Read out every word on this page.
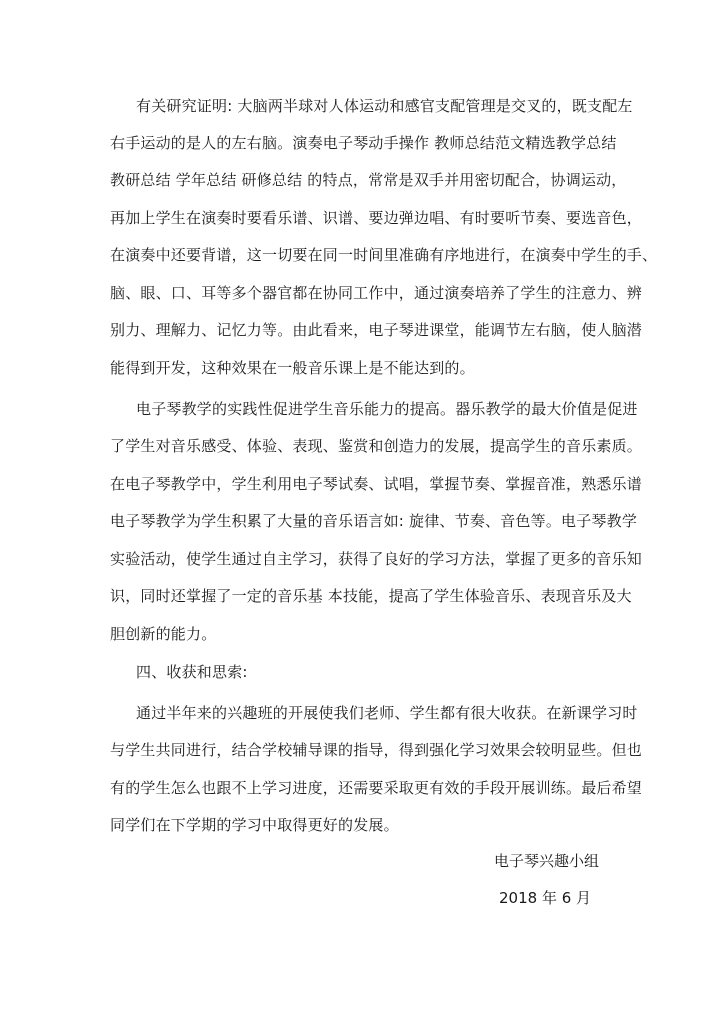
有关研究证明: 大脑两半球对人体运动和感官支配管理是交叉的，既支配左
右手运动的是人的左右脑。演奏电子琴动手操作 教师总结范文精选教学总结
教研总结 学年总结 研修总结 的特点，常常是双手并用密切配合，协调运动，
再加上学生在演奏时要看乐谱、识谱、要边弹边唱、有时要听节奏、要选音色，
在演奏中还要背谱，这一切要在同一时间里准确有序地进行，在演奏中学生的手、
脑、眼、口、耳等多个器官都在协同工作中，通过演奏培养了学生的注意力、辨
别力、理解力、记忆力等。由此看来，电子琴进课堂，能调节左右脑，使人脑潜
能得到开发，这种效果在一般音乐课上是不能达到的。
电子琴教学的实践性促进学生音乐能力的提高。器乐教学的最大价值是促进
了学生对音乐感受、体验、表现、鉴赏和创造力的发展，提高学生的音乐素质。
在电子琴教学中，学生利用电子琴试奏、试唱，掌握节奏、掌握音准，熟悉乐谱
电子琴教学为学生积累了大量的音乐语言如: 旋律、节奏、音色等。电子琴教学
实验活动，使学生通过自主学习，获得了良好的学习方法，掌握了更多的音乐知
识，同时还掌握了一定的音乐基 本技能，提高了学生体验音乐、表现音乐及大
胆创新的能力。
四、收获和思索:
通过半年来的兴趣班的开展使我们老师、学生都有很大收获。在新课学习时
与学生共同进行，结合学校辅导课的指导，得到强化学习效果会较明显些。但也
有的学生怎么也跟不上学习进度，还需要采取更有效的手段开展训练。最后希望
同学们在下学期的学习中取得更好的发展。
电子琴兴趣小组
2018 年 6 月
